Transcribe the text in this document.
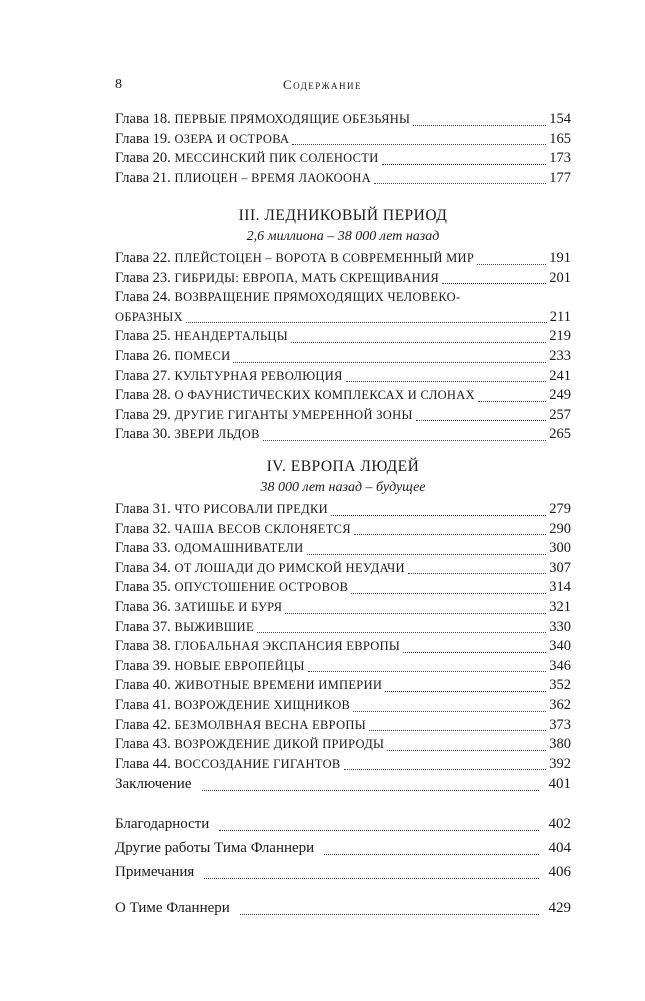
8	Содержание
Глава 18. ПЕРВЫЕ ПРЯМОХОДЯЩИЕ ОБЕЗЬЯНЫ	154
Глава 19. ОЗЕРА И ОСТРОВА	165
Глава 20. МЕССИНСКИЙ ПИК СОЛЕНОСТИ	173
Глава 21. ПЛИОЦЕН – ВРЕМЯ ЛАОКООНА	177
III. ЛЕДНИКОВЫЙ ПЕРИОД
2,6 миллиона – 38 000 лет назад
Глава 22. ПЛЕЙСТОЦЕН – ВОРОТА В СОВРЕМЕННЫЙ МИР	191
Глава 23. ГИБРИДЫ: ЕВРОПА, МАТЬ СКРЕЩИВАНИЯ	201
Глава 24. ВОЗВРАЩЕНИЕ ПРЯМОХОДЯЩИХ ЧЕЛОВЕКО-
ОБРАЗНЫХ	211
Глава 25. НЕАНДЕРТАЛЬЦЫ	219
Глава 26. ПОМЕСИ	233
Глава 27. КУЛЬТУРНАЯ РЕВОЛЮЦИЯ	241
Глава 28. О ФАУНИСТИЧЕСКИХ КОМПЛЕКСАХ И СЛОНАХ	249
Глава 29. ДРУГИЕ ГИГАНТЫ УМЕРЕННОЙ ЗОНЫ	257
Глава 30. ЗВЕРИ ЛЬДОВ	265
IV. ЕВРОПА ЛЮДЕЙ
38 000 лет назад – будущее
Глава 31. ЧТО РИСОВАЛИ ПРЕДКИ	279
Глава 32. ЧАША ВЕСОВ СКЛОНЯЕТСЯ	290
Глава 33. ОДОМАШНИВАТЕЛИ	300
Глава 34. ОТ ЛОШАДИ ДО РИМСКОЙ НЕУДАЧИ	307
Глава 35. ОПУСТОШЕНИЕ ОСТРОВОВ	314
Глава 36. ЗАТИШЬЕ И БУРЯ	321
Глава 37. ВЫЖИВШИЕ	330
Глава 38. ГЛОБАЛЬНАЯ ЭКСПАНСИЯ ЕВРОПЫ	340
Глава 39. НОВЫЕ ЕВРОПЕЙЦЫ	346
Глава 40. ЖИВОТНЫЕ ВРЕМЕНИ ИМПЕРИИ	352
Глава 41. ВОЗРОЖДЕНИЕ ХИЩНИКОВ	362
Глава 42. БЕЗМОЛВНАЯ ВЕСНА ЕВРОПЫ	373
Глава 43. ВОЗРОЖДЕНИЕ ДИКОЙ ПРИРОДЫ	380
Глава 44. ВОССОЗДАНИЕ ГИГАНТОВ	392
Заключение	401
Благодарности	402
Другие работы Тима Фланнери	404
Примечания	406
О Тиме Фланнери	429
